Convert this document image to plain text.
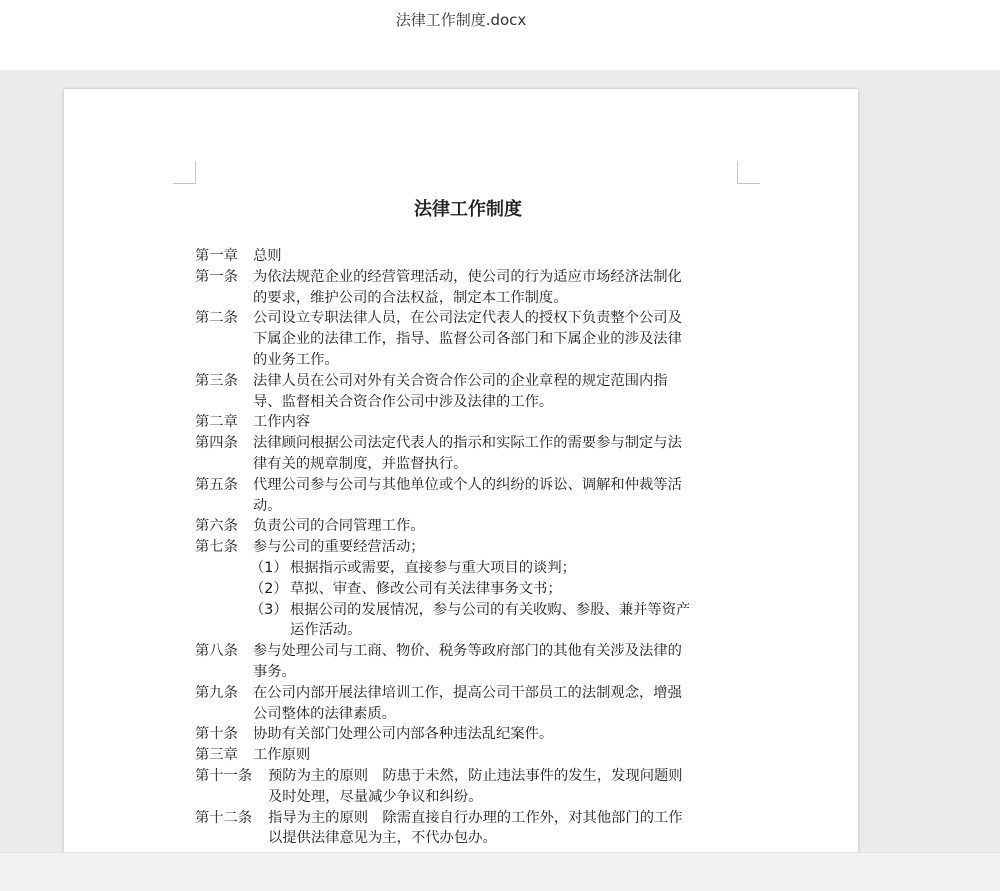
法律工作制度.docx
法律工作制度
第一章	总则
第一条	为依法规范企业的经营管理活动，使公司的行为适应市场经济法制化
的要求，维护公司的合法权益，制定本工作制度。
第二条	公司设立专职法律人员，在公司法定代表人的授权下负责整个公司及
下属企业的法律工作，指导、监督公司各部门和下属企业的涉及法律
的业务工作。
第三条	法律人员在公司对外有关合资合作公司的企业章程的规定范围内指
导、监督相关合资合作公司中涉及法律的工作。
第二章	工作内容
第四条	法律顾问根据公司法定代表人的指示和实际工作的需要参与制定与法
律有关的规章制度，并监督执行。
第五条	代理公司参与公司与其他单位或个人的纠纷的诉讼、调解和仲裁等活
动。
第六条	负责公司的合同管理工作。
第七条	参与公司的重要经营活动；
（1） 根据指示或需要，直接参与重大项目的谈判；
（2） 草拟、审查、修改公司有关法律事务文书；
（3） 根据公司的发展情况，参与公司的有关收购、参股、兼并等资产
运作活动。
第八条	参与处理公司与工商、物价、税务等政府部门的其他有关涉及法律的
事务。
第九条	在公司内部开展法律培训工作，提高公司干部员工的法制观念，增强
公司整体的法律素质。
第十条	协助有关部门处理公司内部各种违法乱纪案件。
第三章	工作原则
第十一条	预防为主的原则　防患于未然，防止违法事件的发生，发现问题则
及时处理，尽量减少争议和纠纷。
第十二条	指导为主的原则　除需直接自行办理的工作外，对其他部门的工作
以提供法律意见为主，不代办包办。
